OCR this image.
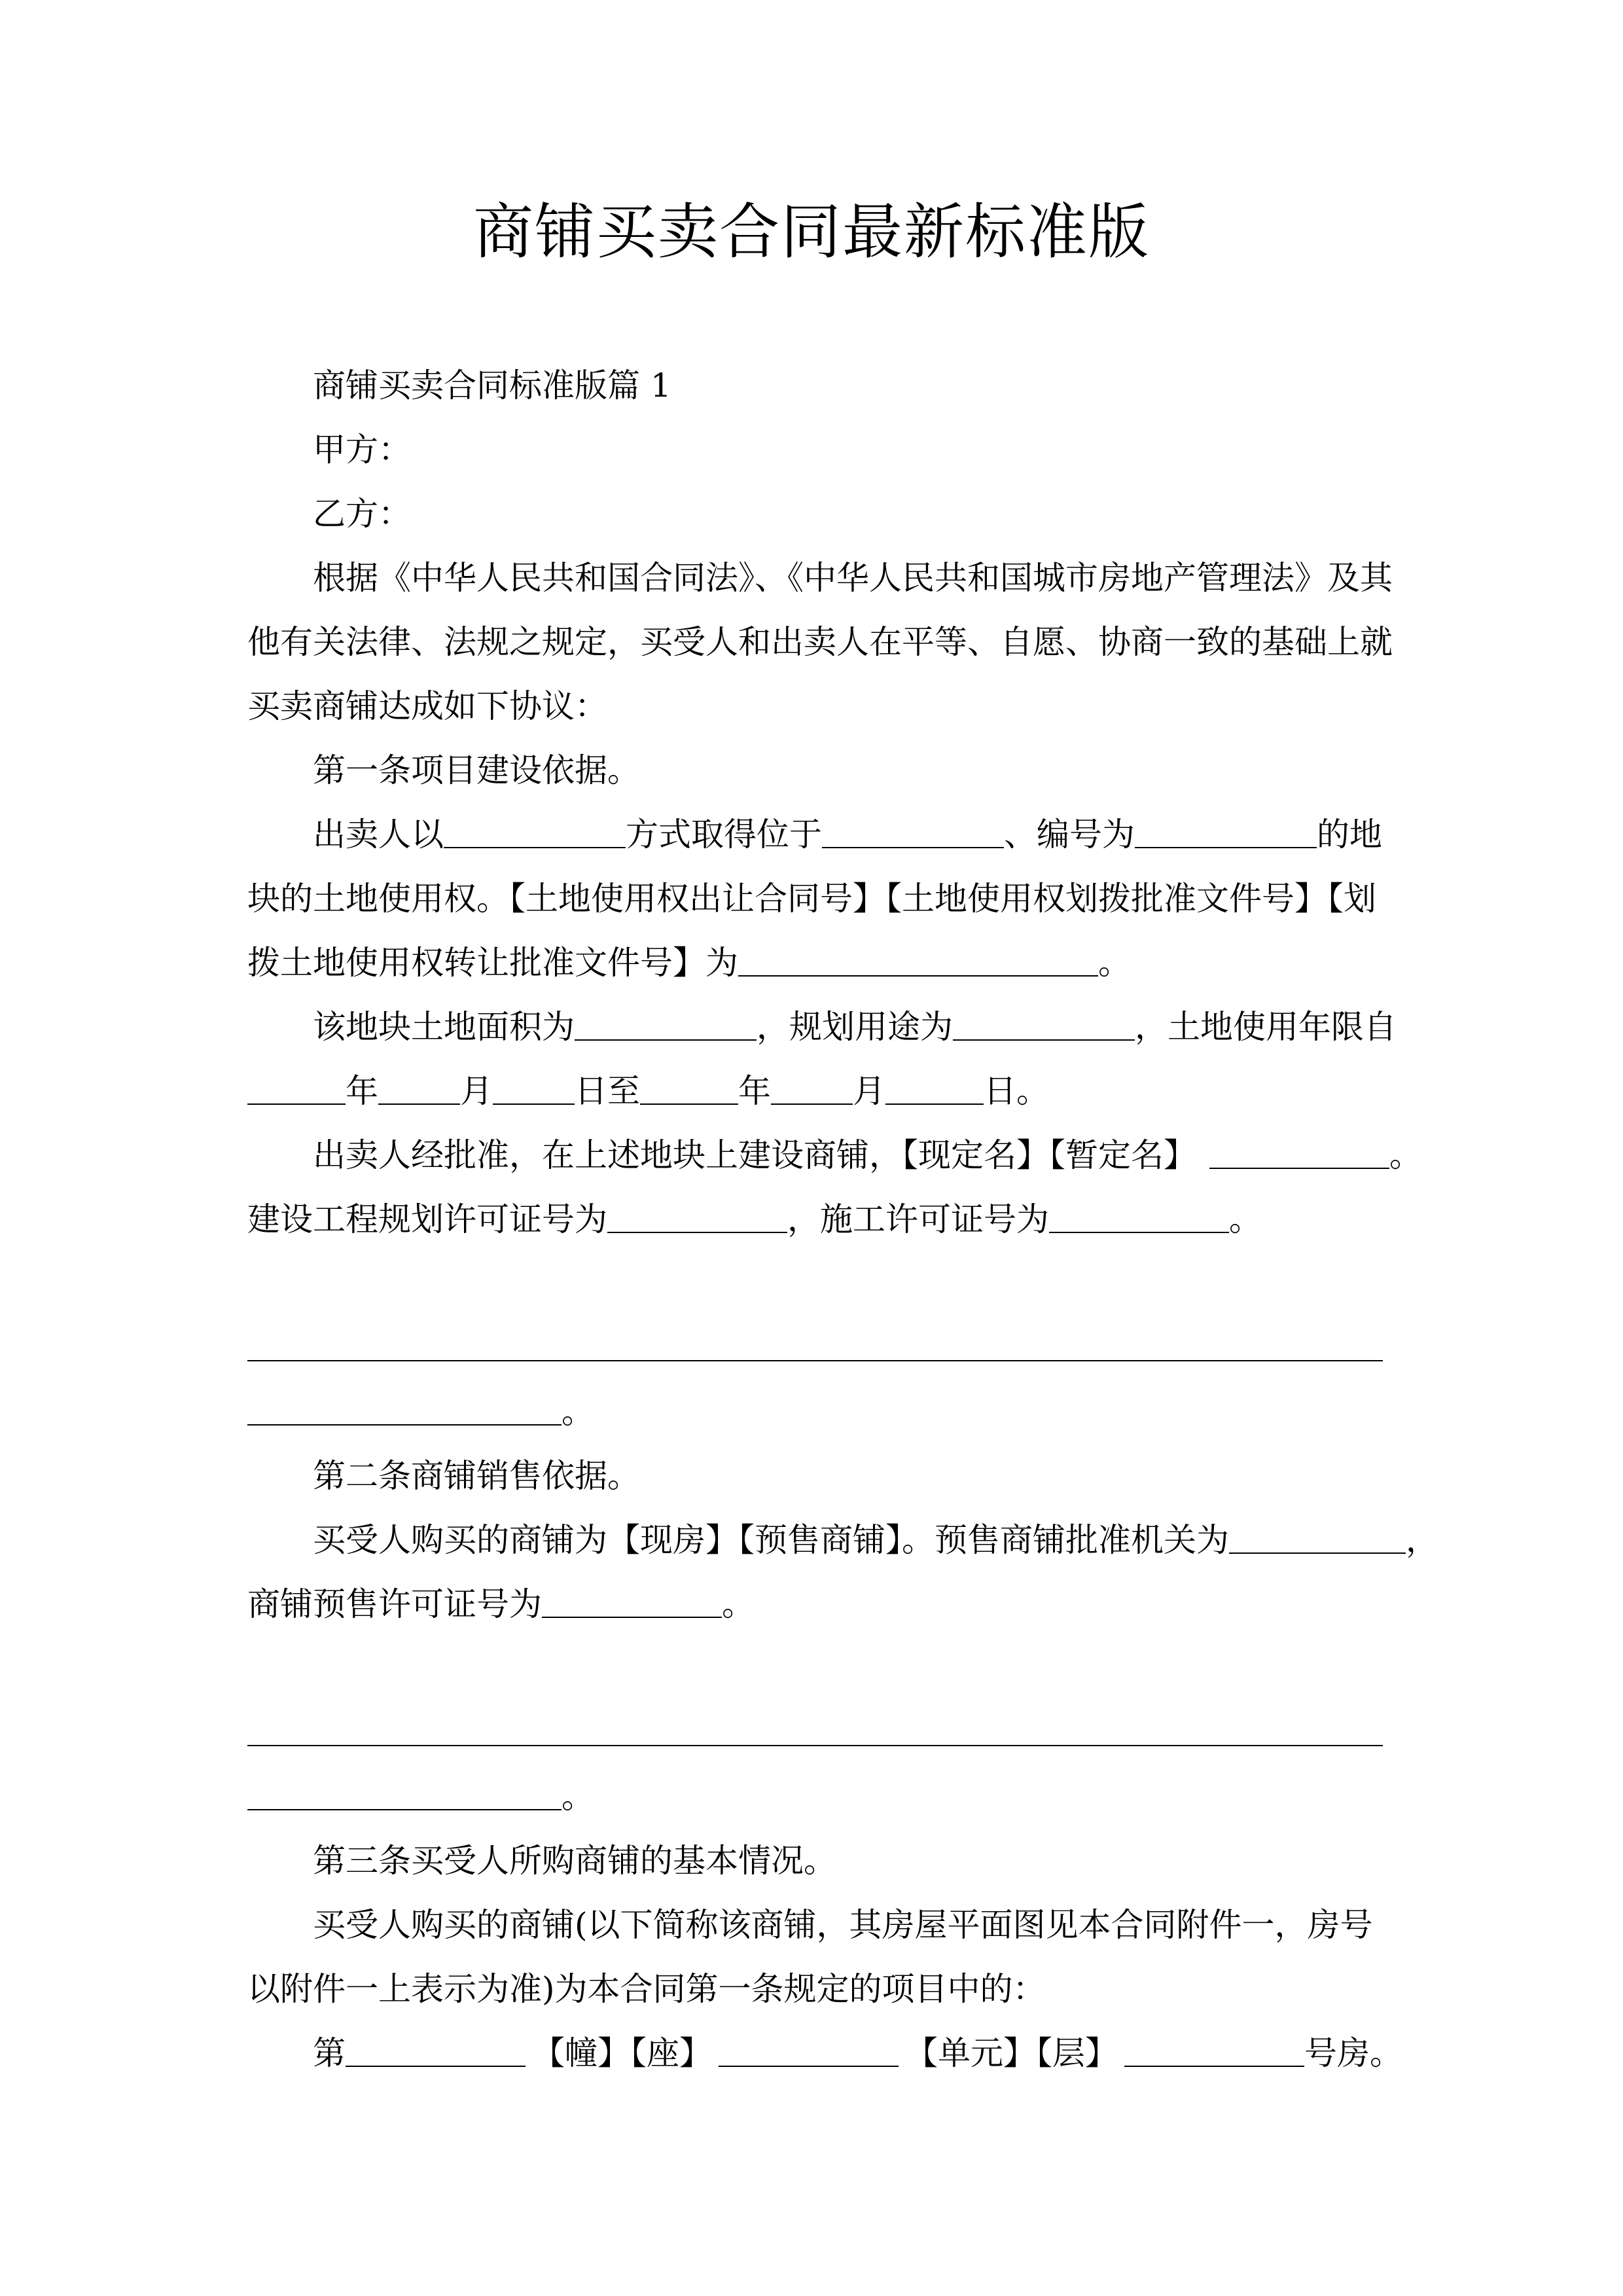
商铺买卖合同最新标准版

商铺买卖合同标准版篇 1

甲方：

乙方：

根据《中华人民共和国合同法》、《中华人民共和国城市房地产管理法》及其

他有关法律、法规之规定，买受人和出卖人在平等、自愿、协商一致的基础上就

买卖商铺达成如下协议：

第一条项目建设依据。

出卖人以	方式取得位于	、编号为	的地

块的土地使用权。【土地使用权出让合同号】【土地使用权划拨批准文件号】【划

拨土地使用权转让批准文件号】为	。

该地块土地面积为	，规划用途为	，土地使用年限自

年	月	日至	年	月	日。

出卖人经批准，在上述地块上建设商铺，【现定名】【暂定名】	。

建设工程规划许可证号为	，施工许可证号为	。

。

第二条商铺销售依据。

买受人购买的商铺为【现房】【预售商铺】。预售商铺批准机关为	，

商铺预售许可证号为	。

。

第三条买受人所购商铺的基本情况。

买受人购买的商铺(以下简称该商铺，其房屋平面图见本合同附件一，房号

以附件一上表示为准)为本合同第一条规定的项目中的：

第	【幢】【座】	【单元】【层】	号房。
